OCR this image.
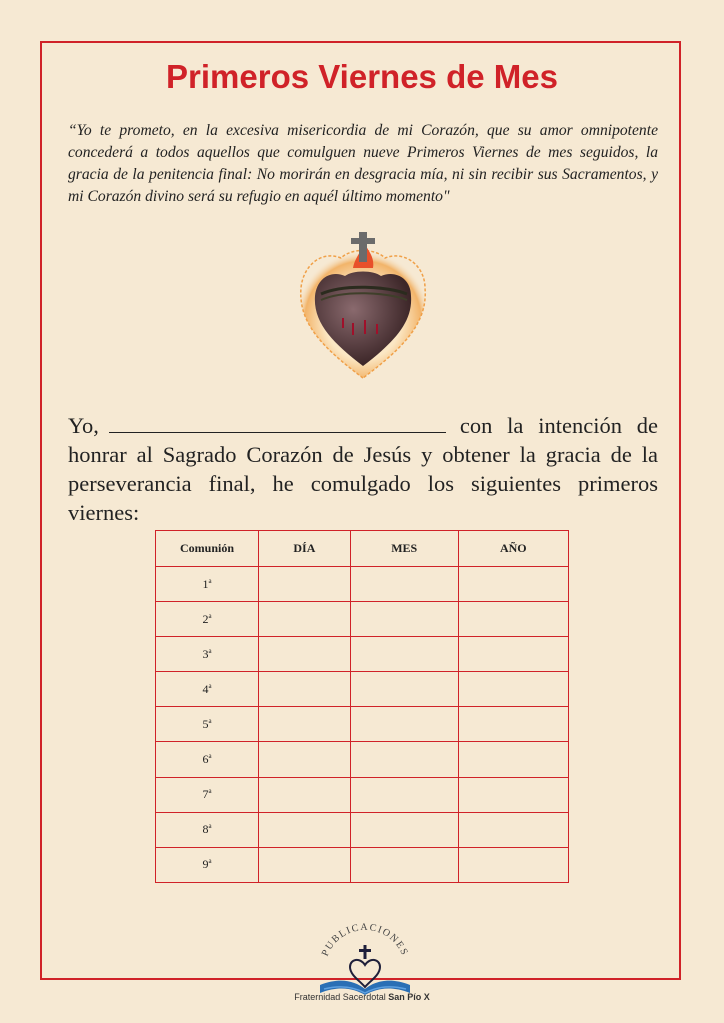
Primeros Viernes de Mes
“Yo te prometo, en la excesiva misericordia de mi Corazón, que su amor omnipotente concederá a todos aquellos que comulguen nueve Primeros Viernes de mes seguidos, la gracia de la penitencia final: No morirán en desgracia mía, ni sin recibir sus Sacramentos, y mi Corazón divino será su refugio en aquél último momento"
Yo,	con la intención de honrar al Sagrado Corazón de Jesús y obtener la gracia de la perseverancia final, he comulgado los siguientes primeros viernes:
Comunión	DÍA	MES	AÑO
1$^a$			
2$^a$			
3$^a$			
4$^a$			
5$^a$			
6$^a$			
7$^a$			
8$^a$			
9$^a$			
PUBLICACIONES
Fraternidad Sacerdotal San Pío X
